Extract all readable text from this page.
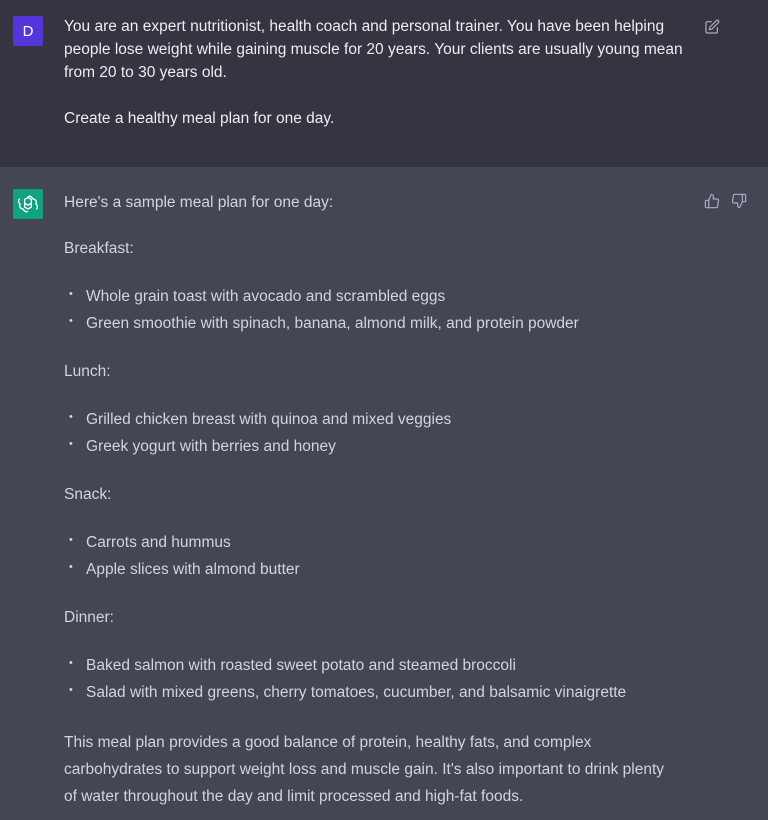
D You are an expert nutritionist, health coach and personal trainer. You have been helping

people lose weight while gaining muscle for 20 years. Your clients are usually young mean

from 20 to 30 years old.

Create a healthy meal plan for one day.

Here's a sample meal plan for one day:

Breakfast:

• Whole grain toast with avocado and scrambled eggs
• Green smoothie with spinach, banana, almond milk, and protein powder

Lunch:

• Grilled chicken breast with quinoa and mixed veggies
• Greek yogurt with berries and honey

Snack:

• Carrots and hummus
• Apple slices with almond butter

Dinner:

• Baked salmon with roasted sweet potato and steamed broccoli
• Salad with mixed greens, cherry tomatoes, cucumber, and balsamic vinaigrette

This meal plan provides a good balance of protein, healthy fats, and complex

carbohydrates to support weight loss and muscle gain. It's also important to drink plenty

of water throughout the day and limit processed and high-fat foods.
